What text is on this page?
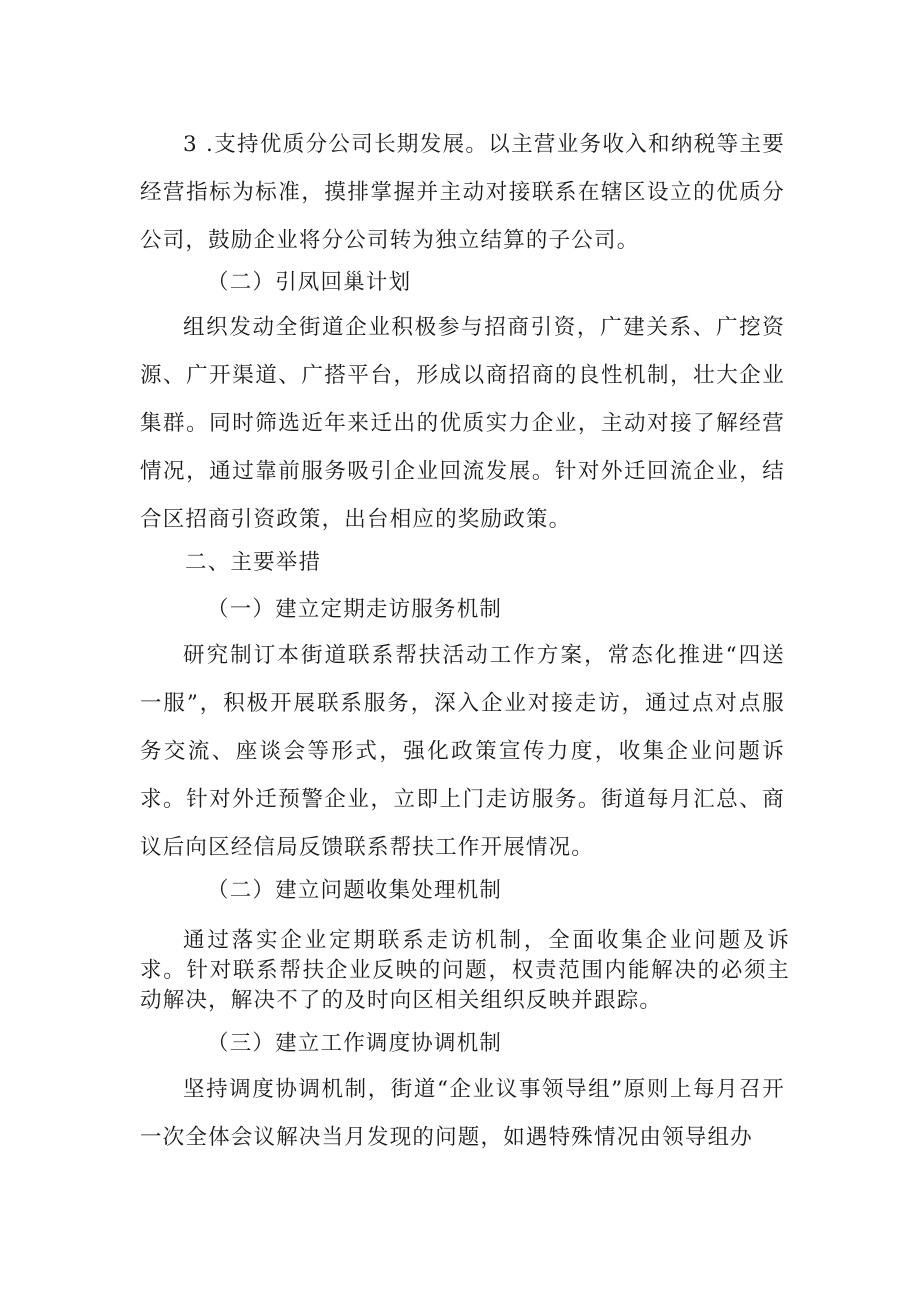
3 .支持优质分公司长期发展。以主营业务收入和纳税等主要经营指标为标准，摸排掌握并主动对接联系在辖区设立的优质分公司，鼓励企业将分公司转为独立结算的子公司。

（二）引凤回巢计划

组织发动全街道企业积极参与招商引资，广建关系、广挖资源、广开渠道、广搭平台，形成以商招商的良性机制，壮大企业集群。同时筛选近年来迁出的优质实力企业，主动对接了解经营情况，通过靠前服务吸引企业回流发展。针对外迁回流企业，结合区招商引资政策，出台相应的奖励政策。

二、主要举措

（一）建立定期走访服务机制

研究制订本街道联系帮扶活动工作方案，常态化推进“四送一服”，积极开展联系服务，深入企业对接走访，通过点对点服务交流、座谈会等形式，强化政策宣传力度，收集企业问题诉求。针对外迁预警企业，立即上门走访服务。街道每月汇总、商议后向区经信局反馈联系帮扶工作开展情况。

（二）建立问题收集处理机制

通过落实企业定期联系走访机制，全面收集企业问题及诉求。针对联系帮扶企业反映的问题，权责范围内能解决的必须主动解决，解决不了的及时向区相关组织反映并跟踪。

（三）建立工作调度协调机制

坚持调度协调机制，街道“企业议事领导组”原则上每月召开一次全体会议解决当月发现的问题，如遇特殊情况由领导组办
